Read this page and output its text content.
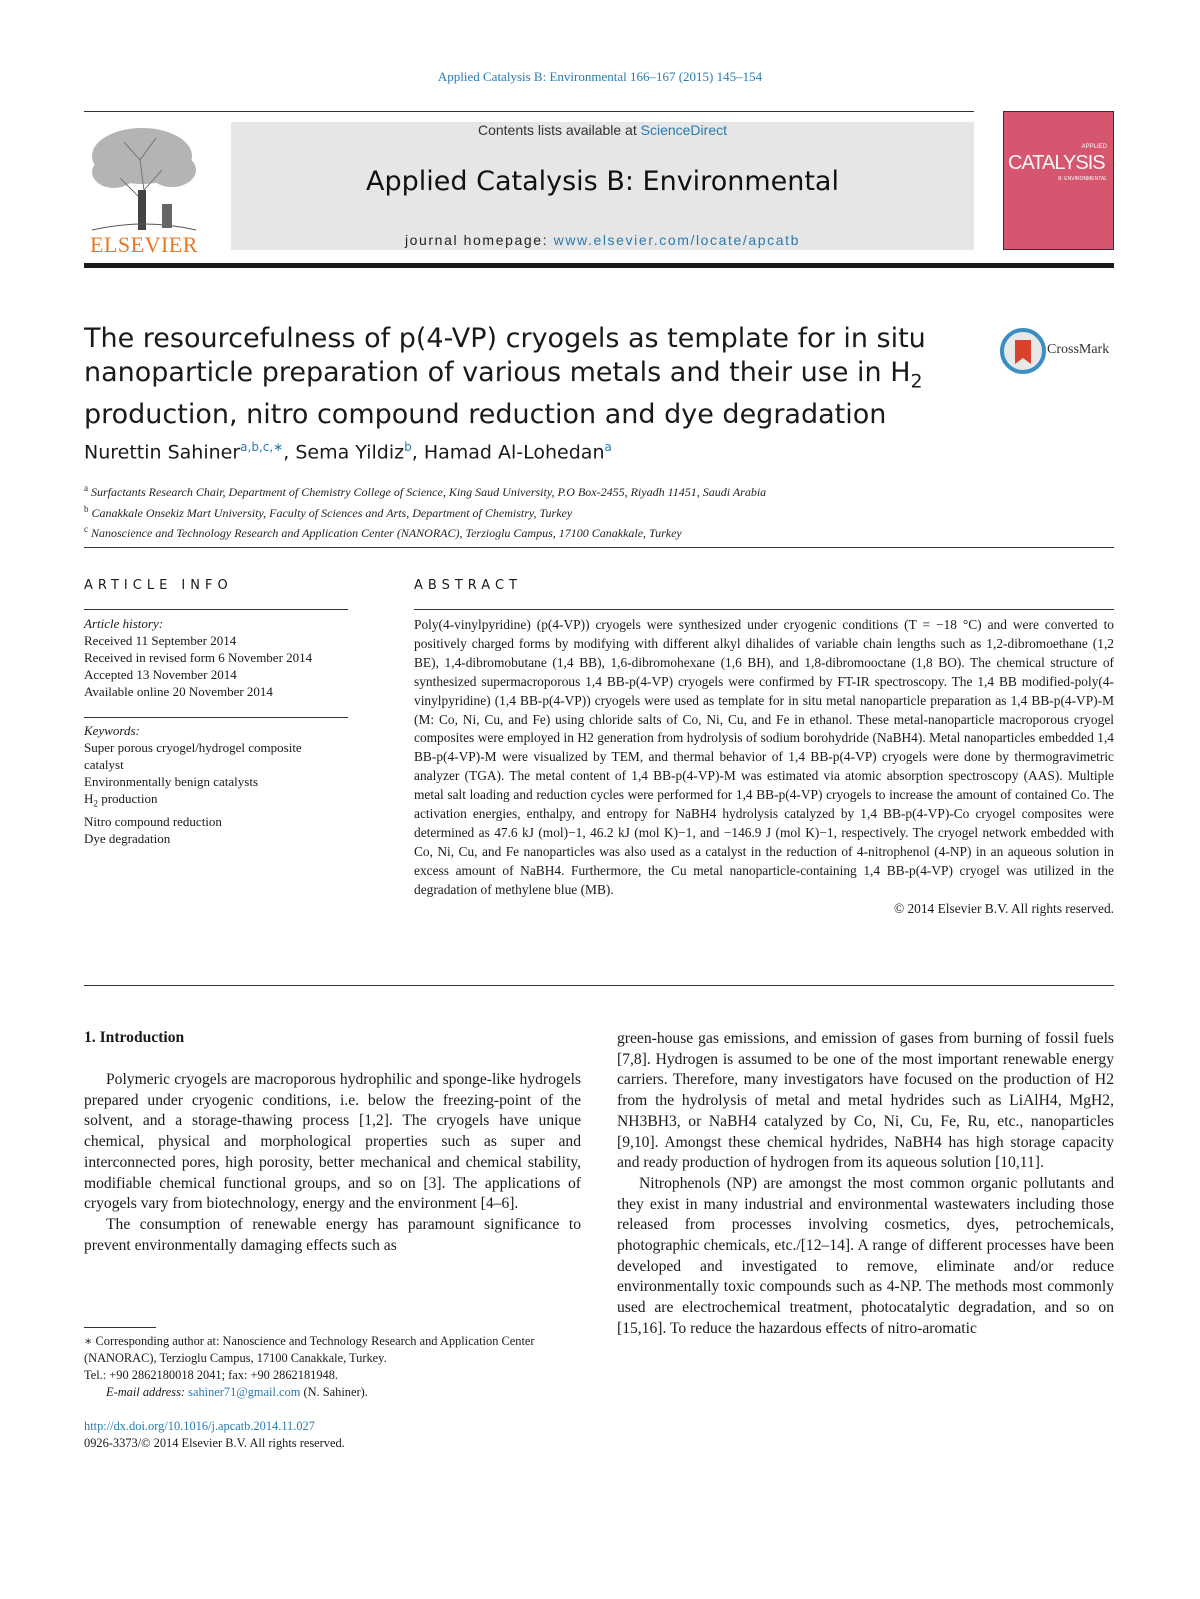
Applied Catalysis B: Environmental 166–167 (2015) 145–154
ELSEVIER
Contents lists available at ScienceDirect
Applied Catalysis B: Environmental
journal homepage: www.elsevier.com/locate/apcatb
APPLIED
CATALYSIS
B: ENVIRONMENTAL
The resourcefulness of p(4-VP) cryogels as template for in situ
nanoparticle preparation of various metals and their use in $H_2$
production, nitro compound reduction and dye degradation
CrossMark
Nurettin Sahiner$^{a,b,c,∗}$, Sema Yildiz$^b$, Hamad Al-Lohedan$^a$
$^a$ Surfactants Research Chair, Department of Chemistry College of Science, King Saud University, P.O Box-2455, Riyadh 11451, Saudi Arabia
$^b$ Canakkale Onsekiz Mart University, Faculty of Sciences and Arts, Department of Chemistry, Turkey
$^c$ Nanoscience and Technology Research and Application Center (NANORAC), Terzioglu Campus, 17100 Canakkale, Turkey
ARTICLE INFO
Article history:
Received 11 September 2014
Received in revised form 6 November 2014
Accepted 13 November 2014
Available online 20 November 2014
Keywords:
Super porous cryogel/hydrogel composite
catalyst
Environmentally benign catalysts
$H_2$ production
Nitro compound reduction
Dye degradation
ABSTRACT
Poly(4-vinylpyridine) (p(4-VP)) cryogels were synthesized under cryogenic conditions (T = −18 °C) and were converted to positively charged forms by modifying with different alkyl dihalides of variable chain lengths such as 1,2-dibromoethane (1,2 BE), 1,4-dibromobutane (1,4 BB), 1,6-dibromohexane (1,6 BH), and 1,8-dibromooctane (1,8 BO). The chemical structure of synthesized supermacroporous 1,4 BB-p(4-VP) cryogels were confirmed by FT-IR spectroscopy. The 1,4 BB modified-poly(4-vinylpyridine) (1,4 BB-p(4-VP)) cryogels were used as template for in situ metal nanoparticle preparation as 1,4 BB-p(4-VP)-M (M: Co, Ni, Cu, and Fe) using chloride salts of Co, Ni, Cu, and Fe in ethanol. These metal-nanoparticle macroporous cryogel composites were employed in H2 generation from hydrolysis of sodium borohydride (NaBH4). Metal nanoparticles embedded 1,4 BB-p(4-VP)-M were visualized by TEM, and thermal behavior of 1,4 BB-p(4-VP) cryogels were done by thermogravimetric analyzer (TGA). The metal content of 1,4 BB-p(4-VP)-M was estimated via atomic absorption spectroscopy (AAS). Multiple metal salt loading and reduction cycles were performed for 1,4 BB-p(4-VP) cryogels to increase the amount of contained Co. The activation energies, enthalpy, and entropy for NaBH4 hydrolysis catalyzed by 1,4 BB-p(4-VP)-Co cryogel composites were determined as 47.6 kJ (mol)−1, 46.2 kJ (mol K)−1, and −146.9 J (mol K)−1, respectively. The cryogel network embedded with Co, Ni, Cu, and Fe nanoparticles was also used as a catalyst in the reduction of 4-nitrophenol (4-NP) in an aqueous solution in excess amount of NaBH4. Furthermore, the Cu metal nanoparticle-containing 1,4 BB-p(4-VP) cryogel was utilized in the degradation of methylene blue (MB).
© 2014 Elsevier B.V. All rights reserved.
1. Introduction

Polymeric cryogels are macroporous hydrophilic and sponge-like hydrogels prepared under cryogenic conditions, i.e. below the freezing-point of the solvent, and a storage-thawing process [1,2]. The cryogels have unique chemical, physical and morphological properties such as super and interconnected pores, high porosity, better mechanical and chemical stability, modifiable chemical functional groups, and so on [3]. The applications of cryogels vary from biotechnology, energy and the environment [4–6].

The consumption of renewable energy has paramount significance to prevent environmentally damaging effects such as

green-house gas emissions, and emission of gases from burning of fossil fuels [7,8]. Hydrogen is assumed to be one of the most important renewable energy carriers. Therefore, many investigators have focused on the production of H2 from the hydrolysis of metal and metal hydrides such as LiAlH4, MgH2, NH3BH3, or NaBH4 catalyzed by Co, Ni, Cu, Fe, Ru, etc., nanoparticles [9,10]. Amongst these chemical hydrides, NaBH4 has high storage capacity and ready production of hydrogen from its aqueous solution [10,11].

Nitrophenols (NP) are amongst the most common organic pollutants and they exist in many industrial and environmental wastewaters including those released from processes involving cosmetics, dyes, petrochemicals, photographic chemicals, etc./[12–14]. A range of different processes have been developed and investigated to remove, eliminate and/or reduce environmentally toxic compounds such as 4-NP. The methods most commonly used are electrochemical treatment, photocatalytic degradation, and so on [15,16]. To reduce the hazardous effects of nitro-aromatic

∗ Corresponding author at: Nanoscience and Technology Research and Application Center (NANORAC), Terzioglu Campus, 17100 Canakkale, Turkey.
Tel.: +90 2862180018 2041; fax: +90 2862181948.
E-mail address: sahiner71@gmail.com (N. Sahiner).
http://dx.doi.org/10.1016/j.apcatb.2014.11.027
0926-3373/© 2014 Elsevier B.V. All rights reserved.
